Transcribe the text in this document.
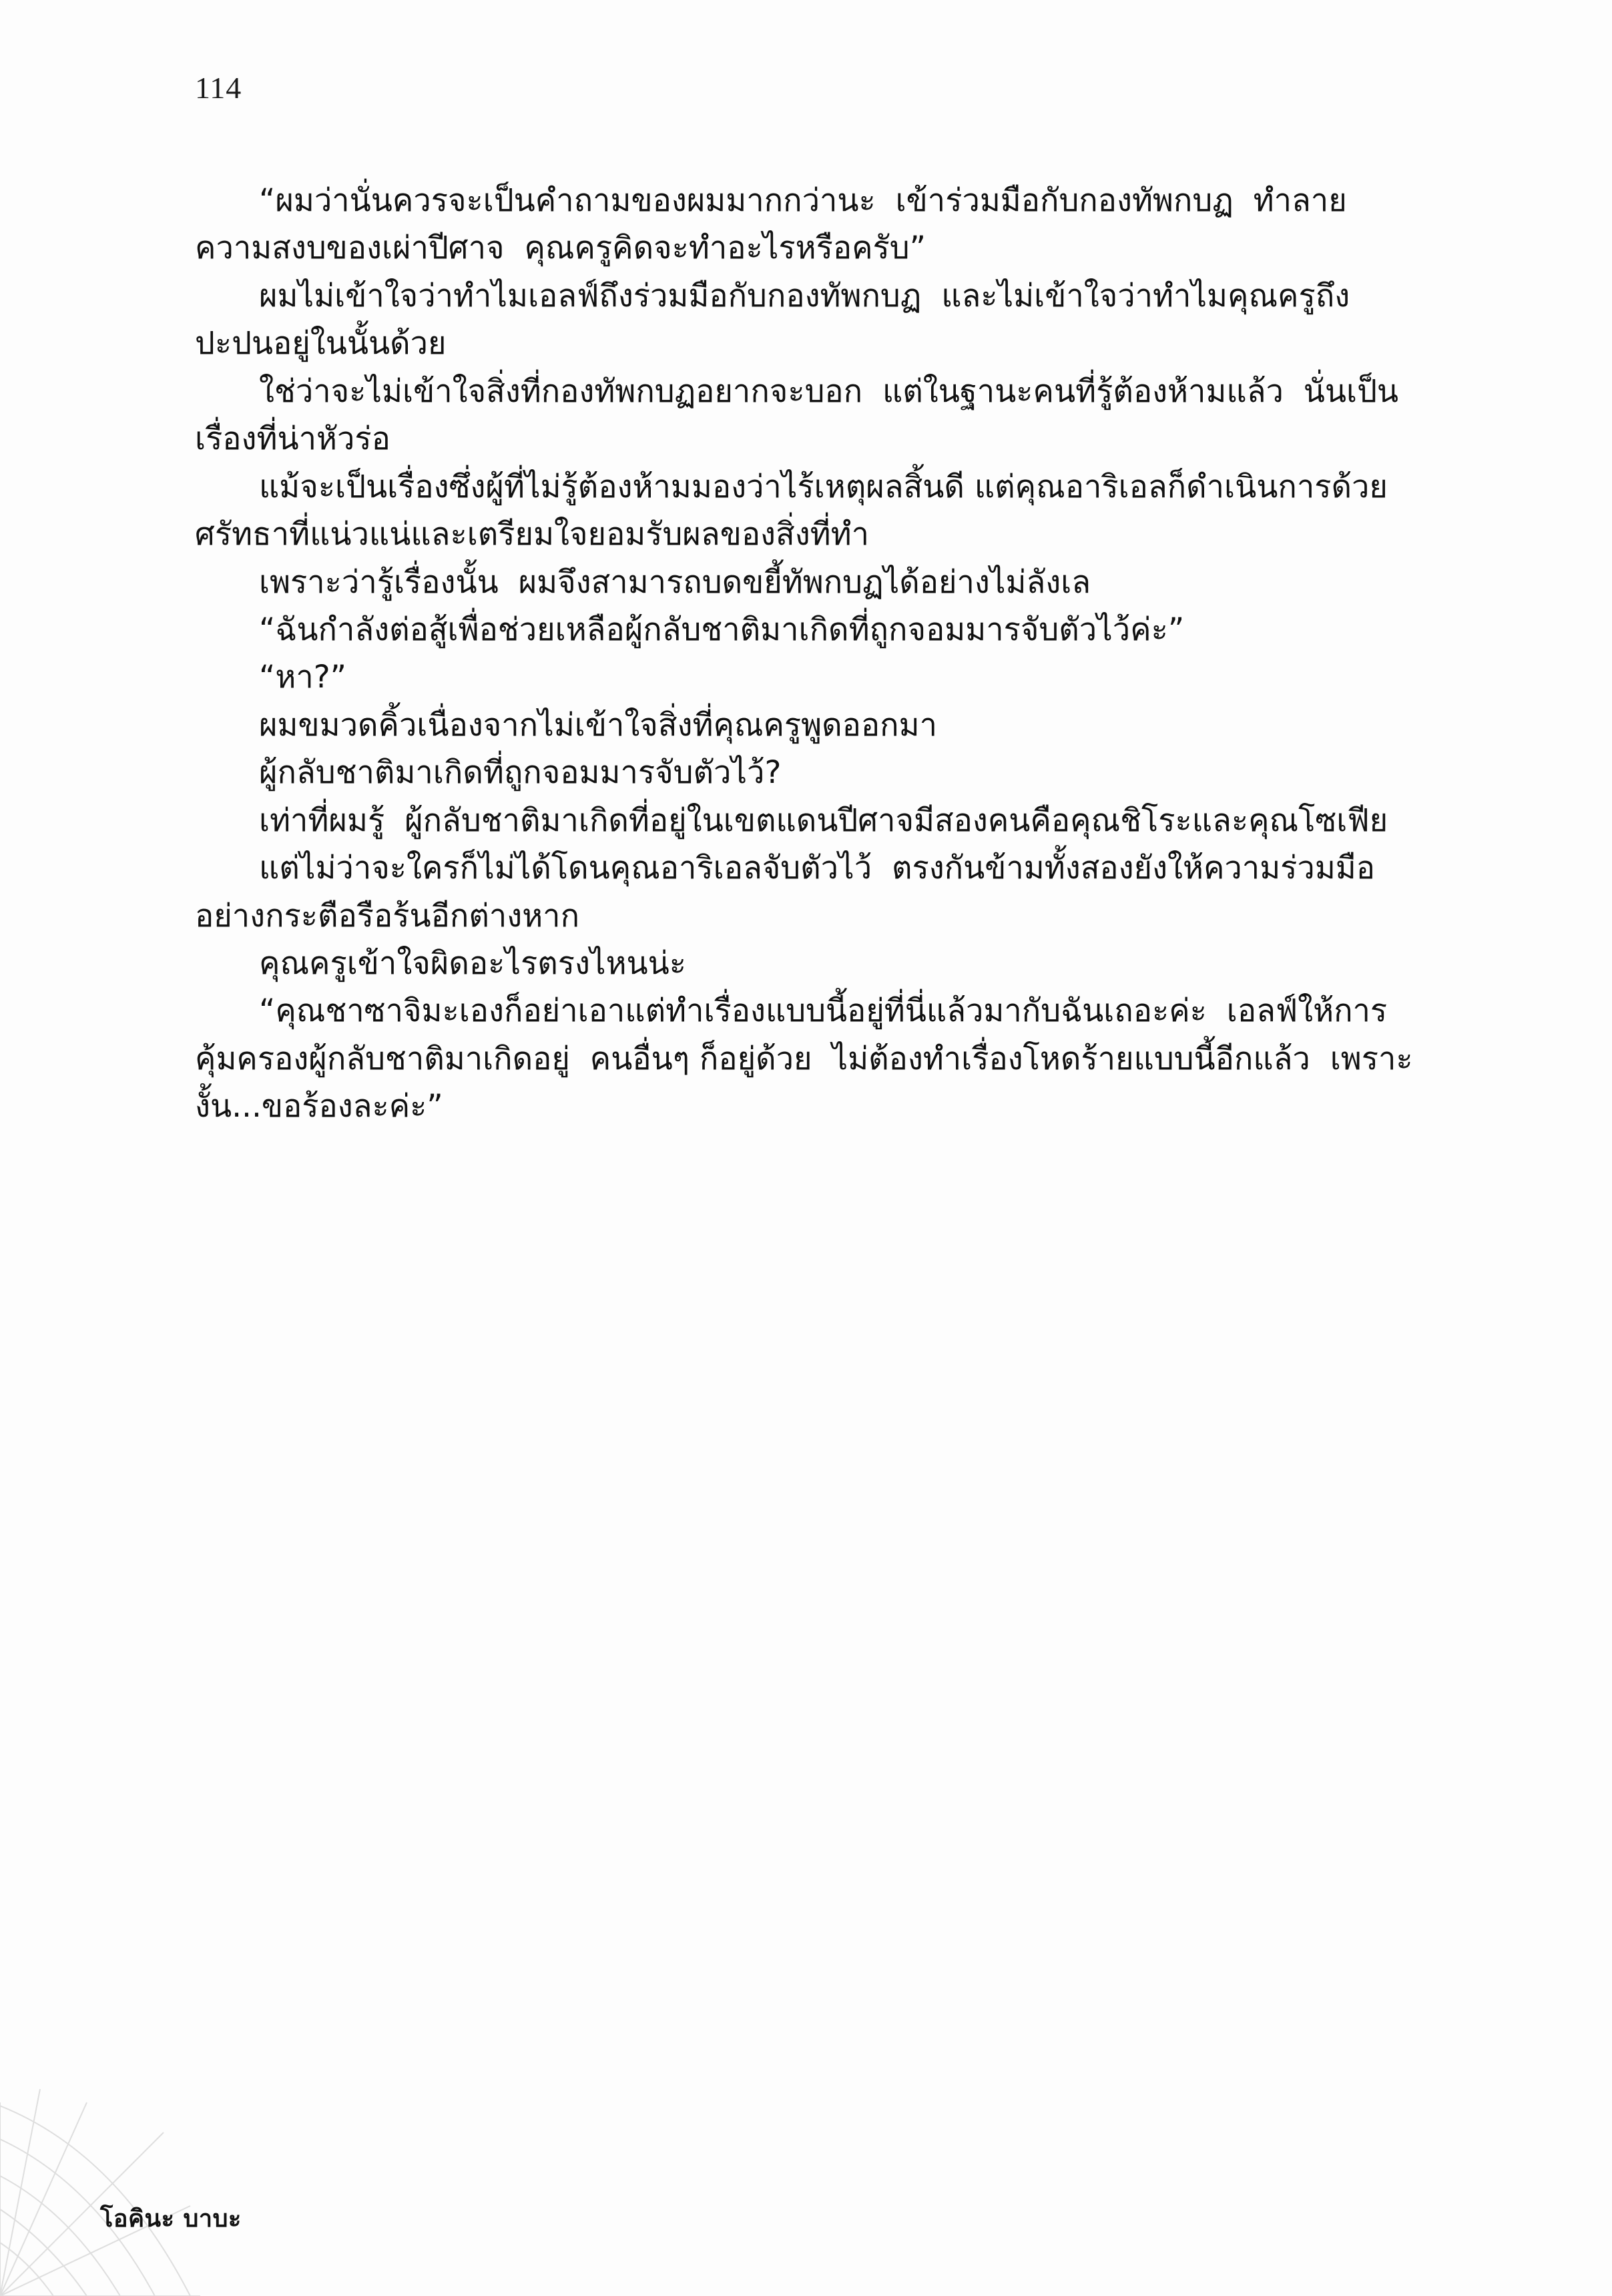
114

“ผมว่านั่นควรจะเป็นคำถามของผมมากกว่านะ  เข้าร่วมมือกับกองทัพกบฏ  ทำลายความสงบของเผ่าปีศาจ  คุณครูคิดจะทำอะไรหรือครับ”

ผมไม่เข้าใจว่าทำไมเอลฟ์ถึงร่วมมือกับกองทัพกบฏ  และไม่เข้าใจว่าทำไมคุณครูถึงปะปนอยู่ในนั้นด้วย

ใช่ว่าจะไม่เข้าใจสิ่งที่กองทัพกบฏอยากจะบอก  แต่ในฐานะคนที่รู้ต้องห้ามแล้ว  นั่นเป็นเรื่องที่น่าหัวร่อ

แม้จะเป็นเรื่องซึ่งผู้ที่ไม่รู้ต้องห้ามมองว่าไร้เหตุผลสิ้นดี แต่คุณอาริเอลก็ดำเนินการด้วยศรัทธาที่แน่วแน่และเตรียมใจยอมรับผลของสิ่งที่ทำ

เพราะว่ารู้เรื่องนั้น  ผมจึงสามารถบดขยี้ทัพกบฏได้อย่างไม่ลังเล

“ฉันกำลังต่อสู้เพื่อช่วยเหลือผู้กลับชาติมาเกิดที่ถูกจอมมารจับตัวไว้ค่ะ”

“หา?”

ผมขมวดคิ้วเนื่องจากไม่เข้าใจสิ่งที่คุณครูพูดออกมา

ผู้กลับชาติมาเกิดที่ถูกจอมมารจับตัวไว้?

เท่าที่ผมรู้  ผู้กลับชาติมาเกิดที่อยู่ในเขตแดนปีศาจมีสองคนคือคุณชิโระและคุณโซเฟีย

แต่ไม่ว่าจะใครก็ไม่ได้โดนคุณอาริเอลจับตัวไว้  ตรงกันข้ามทั้งสองยังให้ความร่วมมืออย่างกระตือรือร้นอีกต่างหาก

คุณครูเข้าใจผิดอะไรตรงไหนน่ะ

“คุณชาซาจิมะเองก็อย่าเอาแต่ทำเรื่องแบบนี้อยู่ที่นี่แล้วมากับฉันเถอะค่ะ  เอลฟ์ให้การคุ้มครองผู้กลับชาติมาเกิดอยู่  คนอื่นๆ ก็อยู่ด้วย  ไม่ต้องทำเรื่องโหดร้ายแบบนี้อีกแล้ว  เพราะงั้น...ขอร้องละค่ะ”

โอคินะ บาบะ
